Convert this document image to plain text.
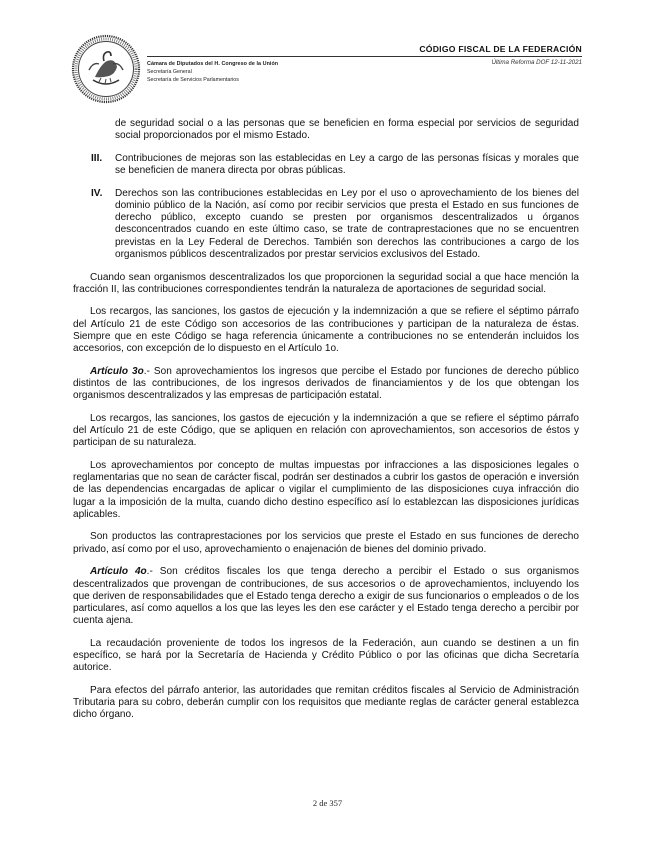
Cámara de Diputados del H. Congreso de la Unión
Secretaría General
Secretaría de Servicios Parlamentarios
CÓDIGO FISCAL DE LA FEDERACIÓN
Última Reforma DOF 12-11-2021
de seguridad social o a las personas que se beneficien en forma especial por servicios de seguridad social proporcionados por el mismo Estado.
III.	Contribuciones de mejoras son las establecidas en Ley a cargo de las personas físicas y morales que se beneficien de manera directa por obras públicas.
IV.	Derechos son las contribuciones establecidas en Ley por el uso o aprovechamiento de los bienes del dominio público de la Nación, así como por recibir servicios que presta el Estado en sus funciones de derecho público, excepto cuando se presten por organismos descentralizados u órganos desconcentrados cuando en este último caso, se trate de contraprestaciones que no se encuentren previstas en la Ley Federal de Derechos. También son derechos las contribuciones a cargo de los organismos públicos descentralizados por prestar servicios exclusivos del Estado.

Cuando sean organismos descentralizados los que proporcionen la seguridad social a que hace mención la fracción II, las contribuciones correspondientes tendrán la naturaleza de aportaciones de seguridad social.

Los recargos, las sanciones, los gastos de ejecución y la indemnización a que se refiere el séptimo párrafo del Artículo 21 de este Código son accesorios de las contribuciones y participan de la naturaleza de éstas. Siempre que en este Código se haga referencia únicamente a contribuciones no se entenderán incluidos los accesorios, con excepción de lo dispuesto en el Artículo 1o.

Artículo 3o.- Son aprovechamientos los ingresos que percibe el Estado por funciones de derecho público distintos de las contribuciones, de los ingresos derivados de financiamientos y de los que obtengan los organismos descentralizados y las empresas de participación estatal.

Los recargos, las sanciones, los gastos de ejecución y la indemnización a que se refiere el séptimo párrafo del Artículo 21 de este Código, que se apliquen en relación con aprovechamientos, son accesorios de éstos y participan de su naturaleza.

Los aprovechamientos por concepto de multas impuestas por infracciones a las disposiciones legales o reglamentarias que no sean de carácter fiscal, podrán ser destinados a cubrir los gastos de operación e inversión de las dependencias encargadas de aplicar o vigilar el cumplimiento de las disposiciones cuya infracción dio lugar a la imposición de la multa, cuando dicho destino específico así lo establezcan las disposiciones jurídicas aplicables.

Son productos las contraprestaciones por los servicios que preste el Estado en sus funciones de derecho privado, así como por el uso, aprovechamiento o enajenación de bienes del dominio privado.

Artículo 4o.- Son créditos fiscales los que tenga derecho a percibir el Estado o sus organismos descentralizados que provengan de contribuciones, de sus accesorios o de aprovechamientos, incluyendo los que deriven de responsabilidades que el Estado tenga derecho a exigir de sus funcionarios o empleados o de los particulares, así como aquellos a los que las leyes les den ese carácter y el Estado tenga derecho a percibir por cuenta ajena.

La recaudación proveniente de todos los ingresos de la Federación, aun cuando se destinen a un fin específico, se hará por la Secretaría de Hacienda y Crédito Público o por las oficinas que dicha Secretaría autorice.

Para efectos del párrafo anterior, las autoridades que remitan créditos fiscales al Servicio de Administración Tributaria para su cobro, deberán cumplir con los requisitos que mediante reglas de carácter general establezca dicho órgano.

2 de 357
